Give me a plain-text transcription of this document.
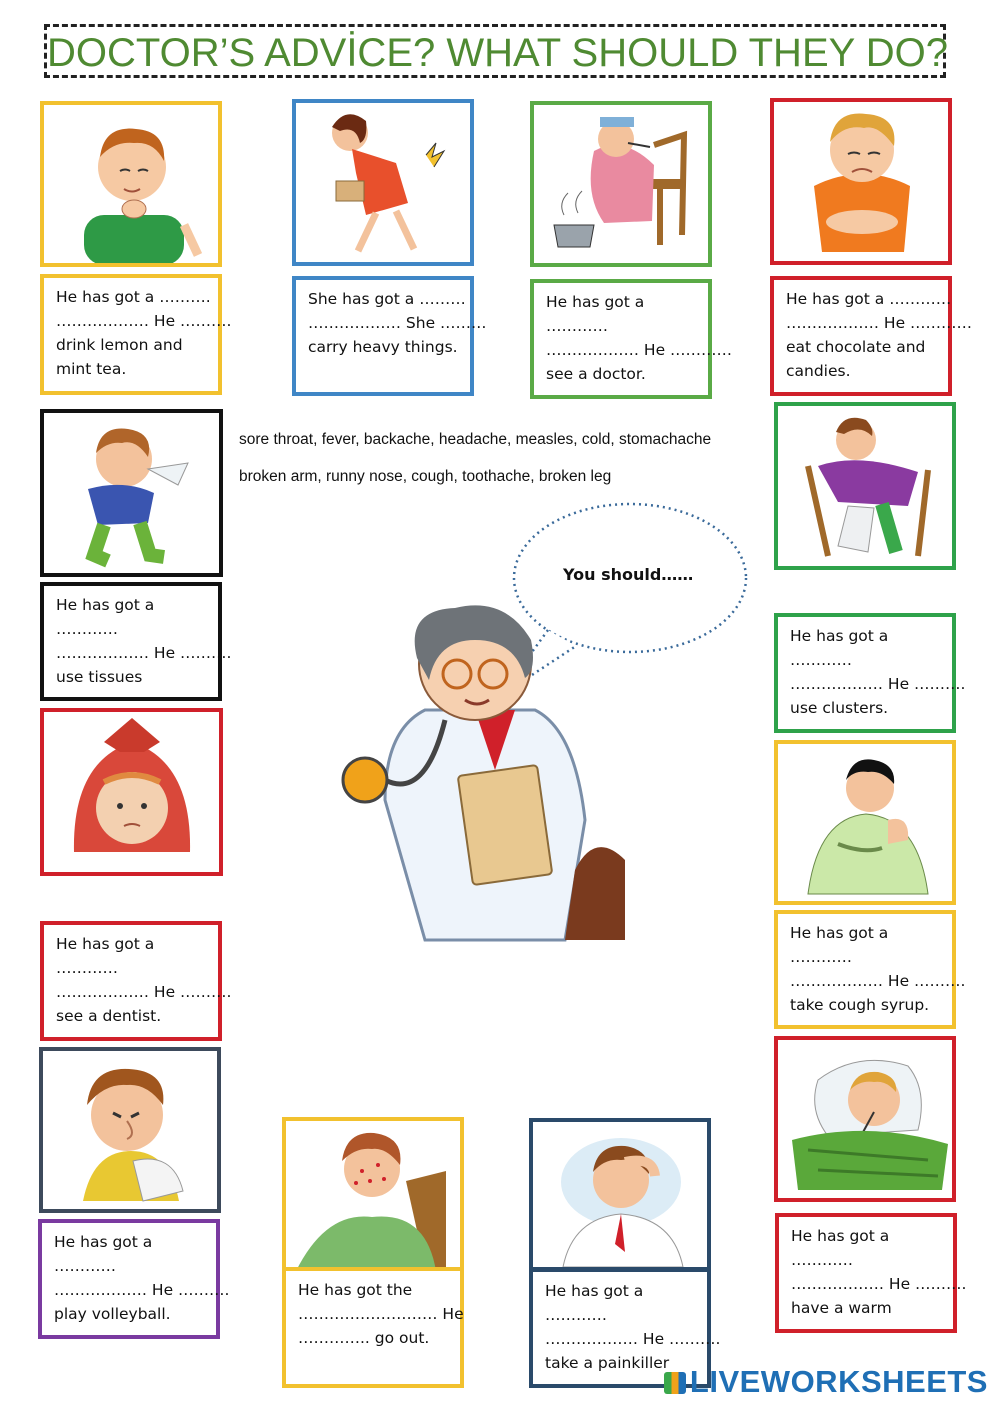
DOCTOR’S ADVİCE? WHAT SHOULD THEY DO?
He has got a ……….
……………… He ……….
drink lemon and
mint tea.
She has got a ………
……………… She ………
carry heavy things.
He has got a
…………
……………… He …………
see a doctor.
He has got a …………
……………… He …………
eat chocolate and
candies.
sore throat, fever, backache, headache, measles, cold, stomachache
broken arm, runny nose, cough, toothache, broken leg
He has got a
…………
……………… He ……….
use tissues
He has got a
…………
……………… He ……….
see a dentist.
He has got a
…………
……………… He ……….
play volleyball.
He has got a
…………
……………… He ……….
use clusters.
He has got a
…………
……………… He ……….
take cough syrup.
He has got a
…………
……………… He ……….
have a warm
He has got the
……………………… He
………….. go out.
He has got a
…………
……………… He ……….
take a painkiller
You should……
LIVEWORKSHEETS
